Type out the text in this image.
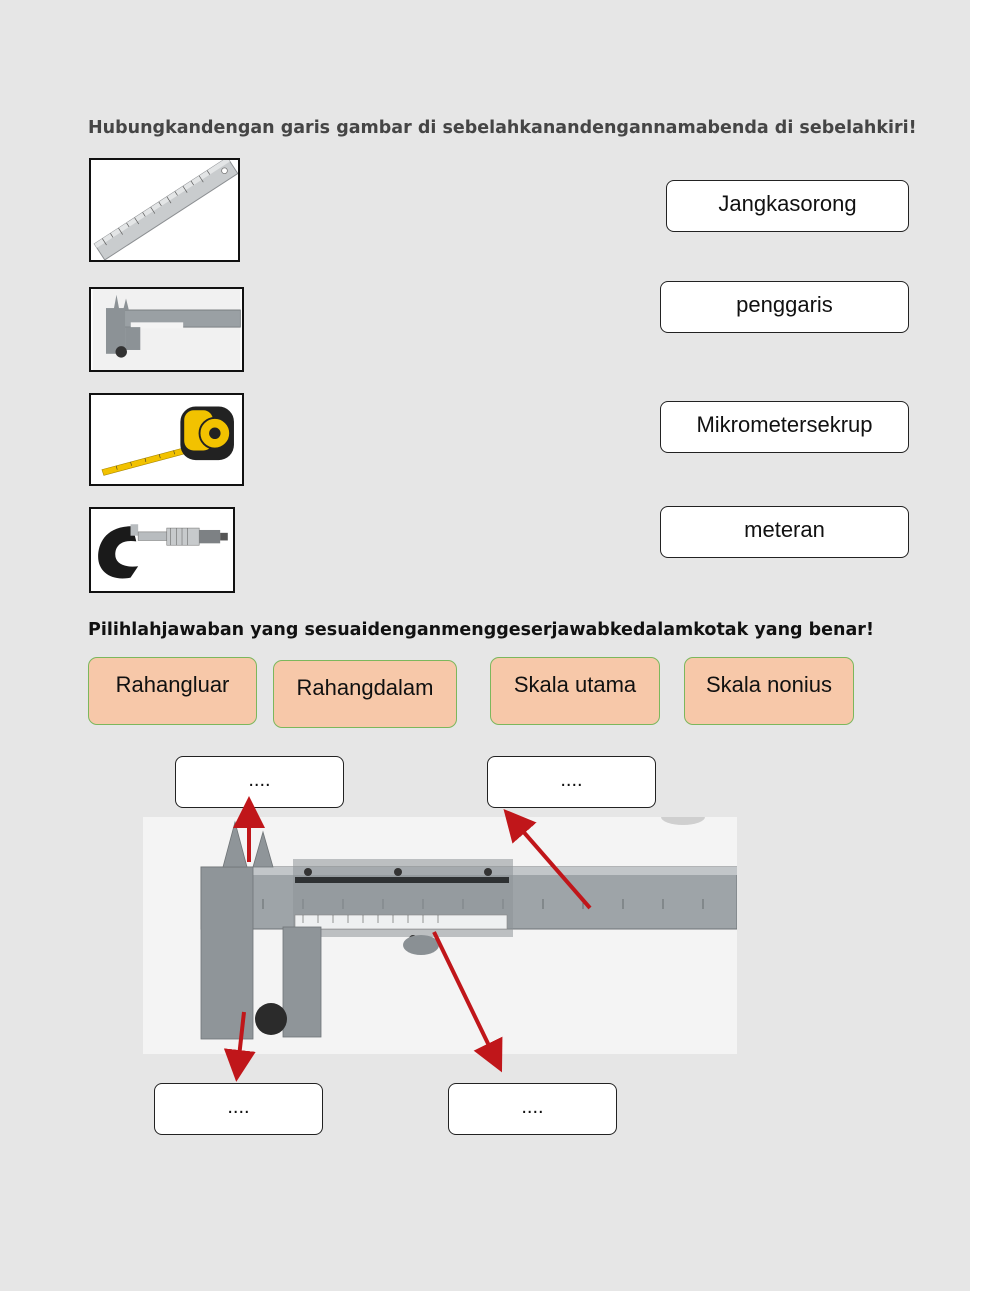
Hubungkandengan garis gambar di sebelahkanandengannamabenda di sebelahkiri!
Jangkasorong
penggaris
Mikrometersekrup
meteran
Pilihlahjawaban yang sesuaidenganmenggeserjawabkedalamkotak yang benar!
Rahangluar	Rahangdalam	Skala utama	Skala nonius
....	....
....	....
